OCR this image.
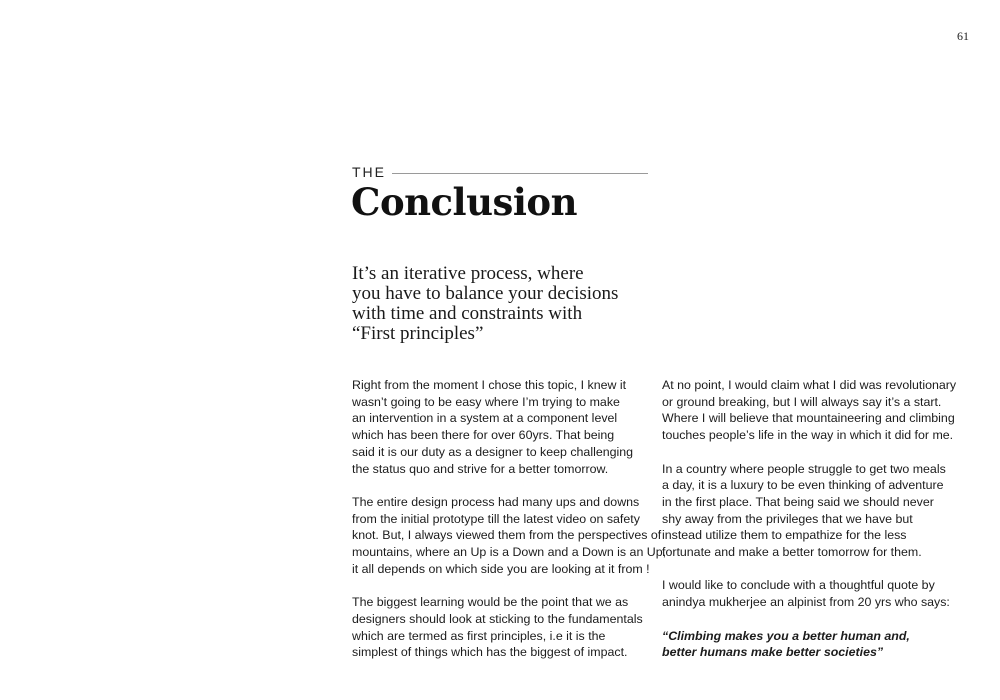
61
THE
Conclusion
It’s an iterative process, where
you have to balance your decisions
with time and constraints with
“First principles”

Right from the moment I chose this topic, I knew it
wasn’t going to be easy where I’m trying to make
an intervention in a system at a component level
which has been there for over 60yrs. That being
said it is our duty as a designer to keep challenging
the status quo and strive for a better tomorrow.

The entire design process had many ups and downs
from the initial prototype till the latest video on safety
knot. But, I always viewed them from the perspectives of
mountains, where an Up is a Down and a Down is an Up,
it all depends on which side you are looking at it from !

The biggest learning would be the point that we as
designers should look at sticking to the fundamentals
which are termed as first principles, i.e it is the
simplest of things which has the biggest of impact.

At no point, I would claim what I did was revolutionary
or ground breaking, but I will always say it’s a start.
Where I will believe that mountaineering and climbing
touches people’s life in the way in which it did for me.

In a country where people struggle to get two meals
a day, it is a luxury to be even thinking of adventure
in the first place. That being said we should never
shy away from the privileges that we have but
instead utilize them to empathize for the less
fortunate and make a better tomorrow for them.

I would like to conclude with a thoughtful quote by
anindya mukherjee an alpinist from 20 yrs who says:

“Climbing makes you a better human and,
better humans make better societies”
